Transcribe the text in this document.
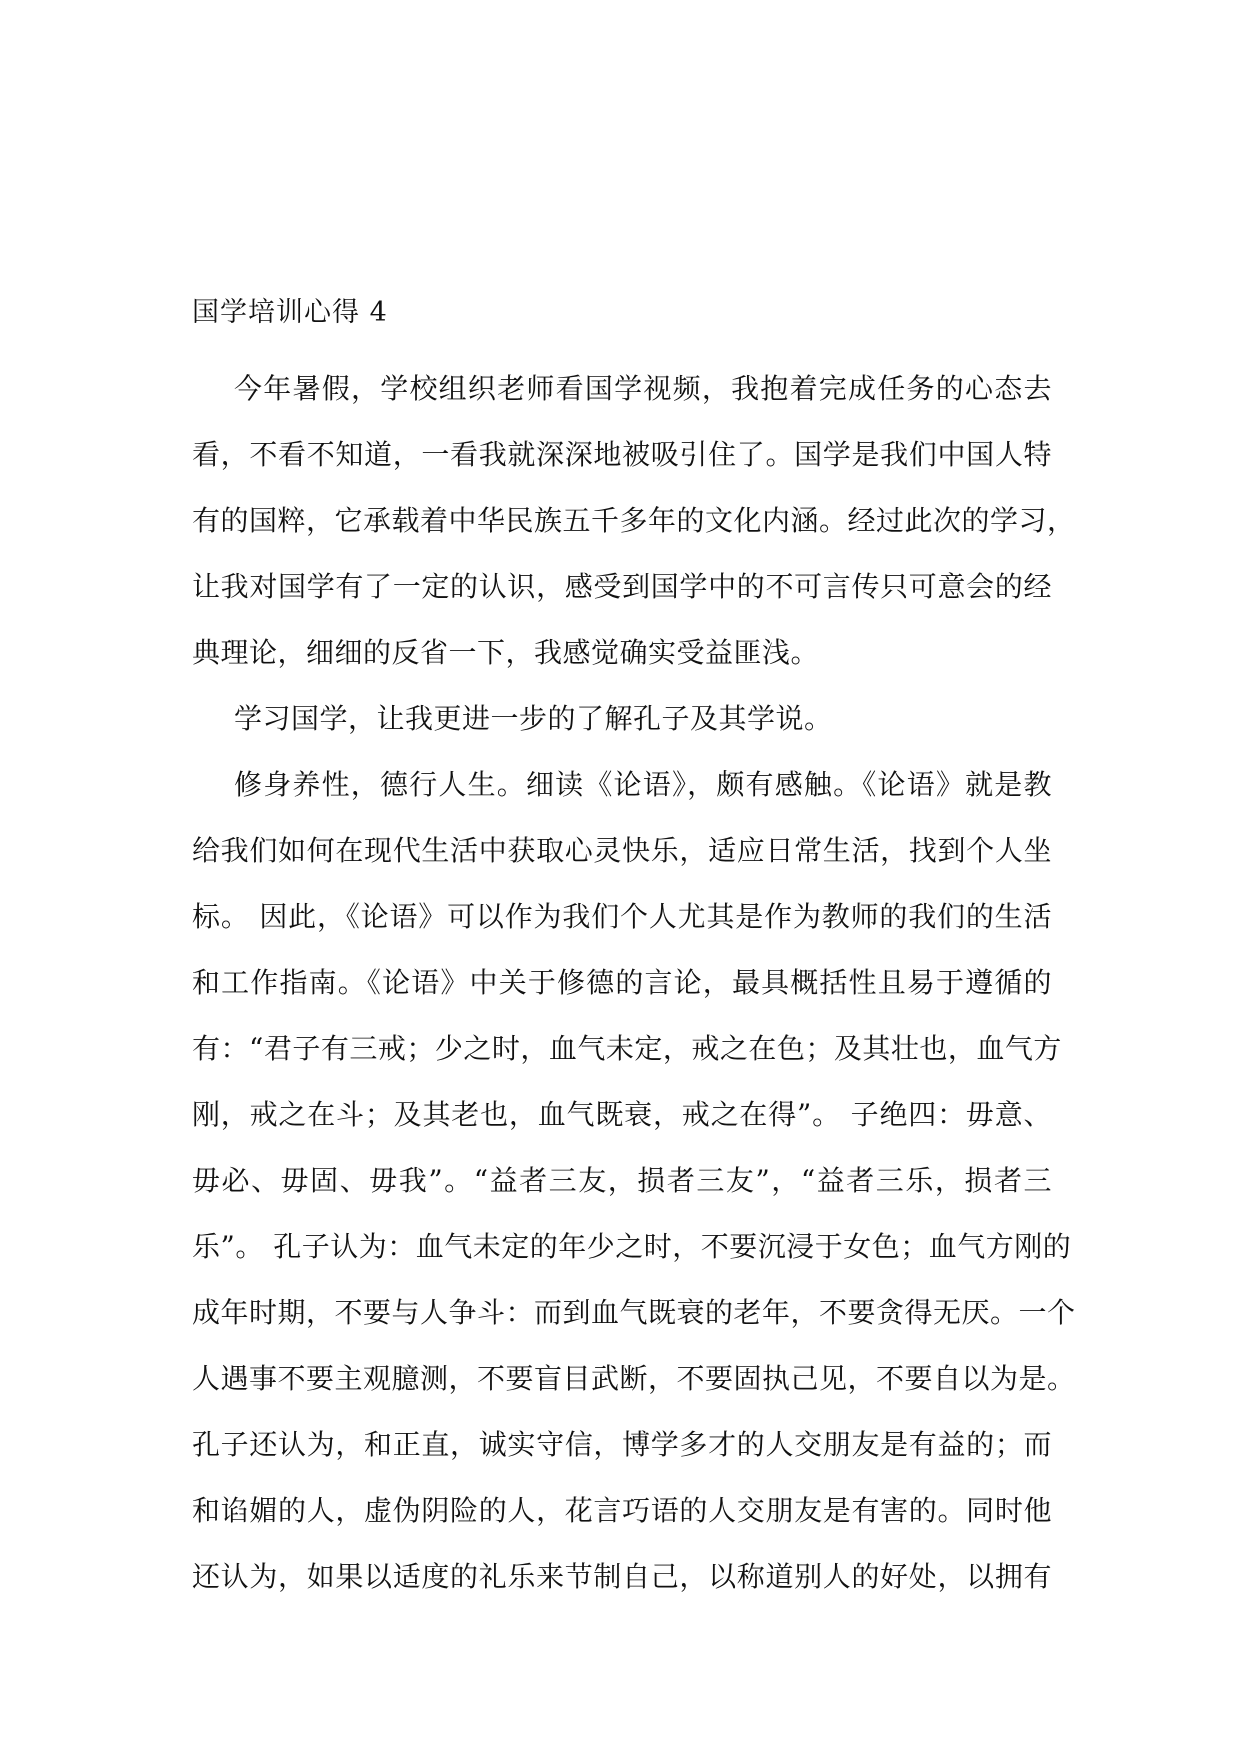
国学培训心得 4
今年暑假，学校组织老师看国学视频，我抱着完成任务的心态去
看，不看不知道，一看我就深深地被吸引住了。国学是我们中国人特
有的国粹，它承载着中华民族五千多年的文化内涵。经过此次的学习，
让我对国学有了一定的认识，感受到国学中的不可言传只可意会的经
典理论，细细的反省一下，我感觉确实受益匪浅。
学习国学，让我更进一步的了解孔子及其学说。
修身养性，德行人生。细读《论语》，颇有感触。《论语》就是教
给我们如何在现代生活中获取心灵快乐，适应日常生活，找到个人坐
标。 因此，《论语》可以作为我们个人尤其是作为教师的我们的生活
和工作指南。《论语》中关于修德的言论，最具概括性且易于遵循的
有：“君子有三戒；少之时，血气未定，戒之在色；及其壮也，血气方
刚，戒之在斗；及其老也，血气既衰，戒之在得”。 子绝四：毋意、
毋必、毋固、毋我”。“益者三友，损者三友”，“益者三乐，损者三
乐”。 孔子认为：血气未定的年少之时，不要沉浸于女色；血气方刚的
成年时期，不要与人争斗：而到血气既衰的老年，不要贪得无厌。一个
人遇事不要主观臆测，不要盲目武断，不要固执己见，不要自以为是。
孔子还认为，和正直，诚实守信，博学多才的人交朋友是有益的；而
和谄媚的人，虚伪阴险的人，花言巧语的人交朋友是有害的。同时他
还认为，如果以适度的礼乐来节制自己，以称道别人的好处，以拥有
